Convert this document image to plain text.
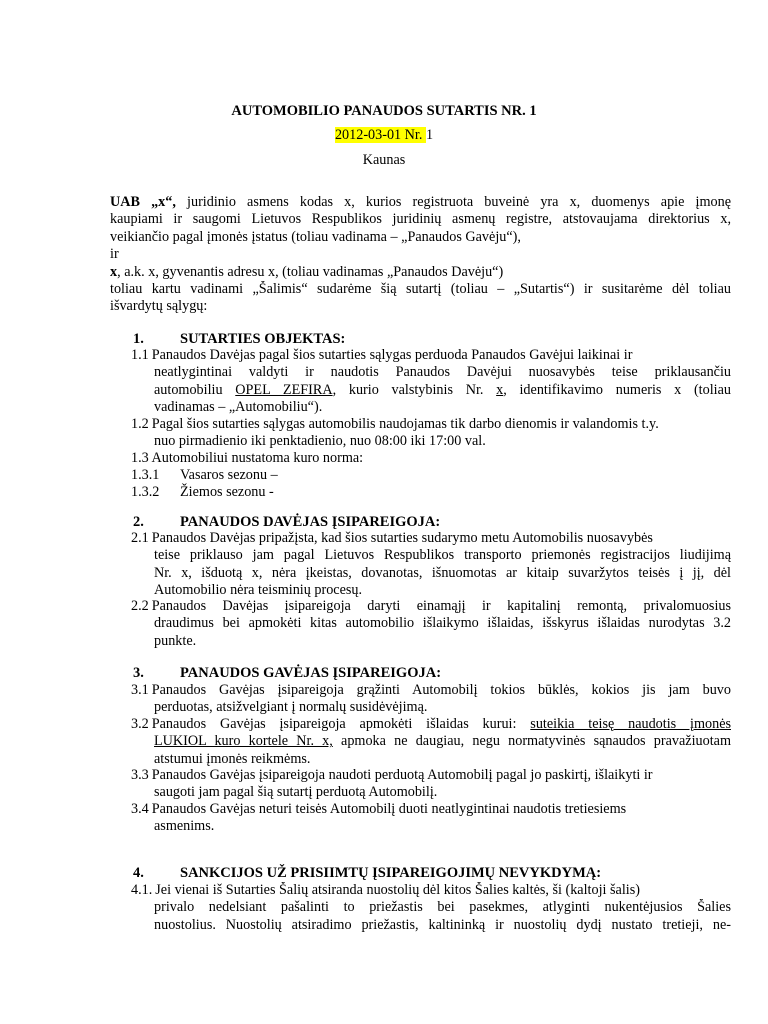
AUTOMOBILIO PANAUDOS SUTARTIS NR. 1
2012-03-01 Nr. 1
Kaunas
UAB „x“, juridinio asmens kodas x, kurios registruota buveinė yra x, duomenys apie įmonę
kaupiami ir saugomi Lietuvos Respublikos juridinių asmenų registre, atstovaujama direktorius x,
veikiančio pagal įmonės įstatus (toliau vadinama – „Panaudos Gavėju“),
ir
x, a.k. x, gyvenantis adresu x, (toliau vadinamas „Panaudos Davėju“)
toliau kartu vadinami „Šalimis“ sudarėme šią sutartį (toliau – „Sutartis“) ir susitarėme dėl toliau
išvardytų sąlygų:
1. SUTARTIES OBJEKTAS:
1.1 Panaudos Davėjas pagal šios sutarties sąlygas perduoda Panaudos Gavėjui laikinai ir
neatlygintinai valdyti ir naudotis Panaudos Davėjui nuosavybės teise priklausančiu
automobiliu OPEL ZEFIRA, kurio valstybinis Nr. x, identifikavimo numeris x (toliau
vadinamas – „Automobiliu“).
1.2 Pagal šios sutarties sąlygas automobilis naudojamas tik darbo dienomis ir valandomis t.y.
nuo pirmadienio iki penktadienio, nuo 08:00 iki 17:00 val.
1.3 Automobiliui nustatoma kuro norma:
1.3.1 Vasaros sezonu –
1.3.2 Žiemos sezonu -
2. PANAUDOS DAVĖJAS ĮSIPAREIGOJA:
2.1 Panaudos Davėjas pripažįsta, kad šios sutarties sudarymo metu Automobilis nuosavybės
teise priklauso jam pagal Lietuvos Respublikos transporto priemonės registracijos liudijimą
Nr. x, išduotą x, nėra įkeistas, dovanotas, išnuomotas ar kitaip suvaržytos teisės į jį, dėl
Automobilio nėra teisminių procesų.
2.2 Panaudos Davėjas įsipareigoja daryti einamąjį ir kapitalinį remontą, privalomuosius
draudimus bei apmokėti kitas automobilio išlaikymo išlaidas, išskyrus išlaidas nurodytas 3.2
punkte.
3. PANAUDOS GAVĖJAS ĮSIPAREIGOJA:
3.1 Panaudos Gavėjas įsipareigoja grąžinti Automobilį tokios būklės, kokios jis jam buvo
perduotas, atsižvelgiant į normalų susidėvėjimą.
3.2 Panaudos Gavėjas įsipareigoja apmokėti išlaidas kurui: suteikia teisę naudotis įmonės
LUKIOL kuro kortele Nr. x, apmoka ne daugiau, negu normatyvinės sąnaudos pravažiuotam
atstumui įmonės reikmėms.
3.3 Panaudos Gavėjas įsipareigoja naudoti perduotą Automobilį pagal jo paskirtį, išlaikyti ir
saugoti jam pagal šią sutartį perduotą Automobilį.
3.4 Panaudos Gavėjas neturi teisės Automobilį duoti neatlygintinai naudotis tretiesiems
asmenims.
4. SANKCIJOS UŽ PRISIIMTŲ ĮSIPAREIGOJIMŲ NEVYKDYMĄ:
4.1. Jei vienai iš Sutarties Šalių atsiranda nuostolių dėl kitos Šalies kaltės, ši (kaltoji šalis)
privalo nedelsiant pašalinti to priežastis bei pasekmes, atlyginti nukentėjusios Šalies
nuostolius. Nuostolių atsiradimo priežastis, kaltininką ir nuostolių dydį nustato tretieji, ne-
